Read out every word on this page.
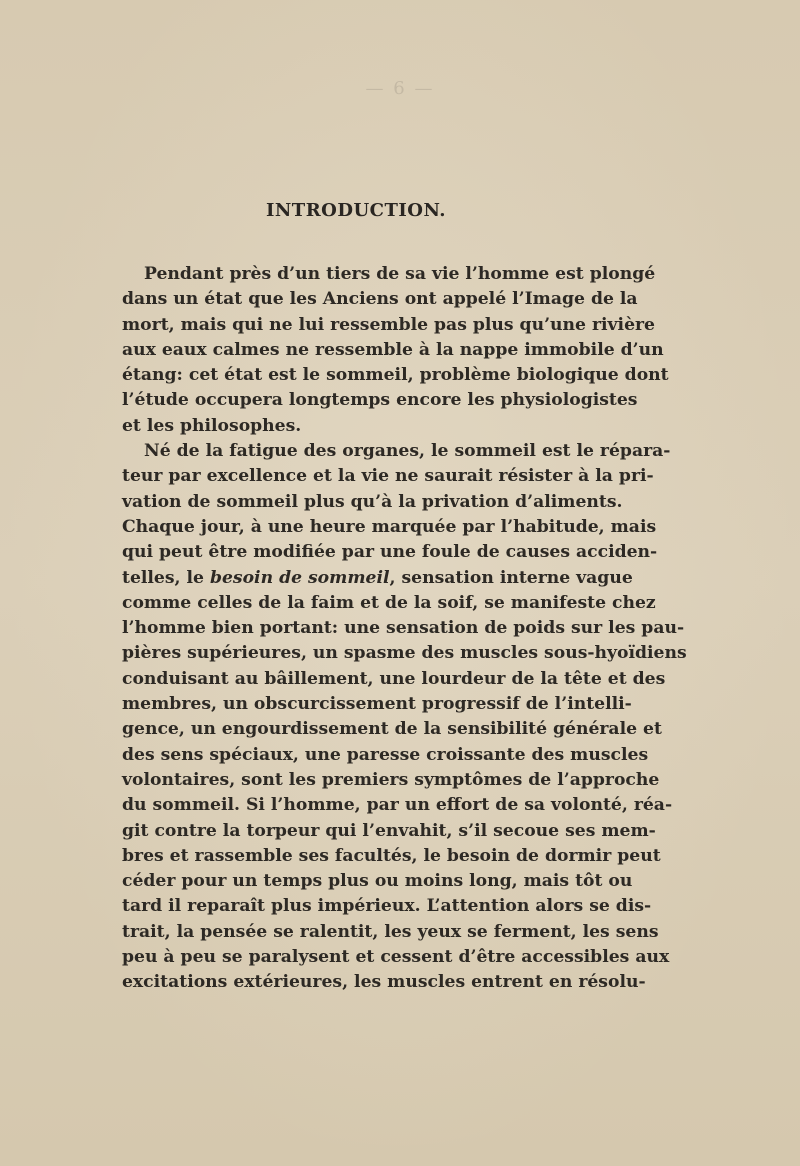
— 6 —
INTRODUCTION.
Pendant près d’un tiers de sa vie l’homme est plongé
dans un état que les Anciens ont appelé l’Image de la
mort, mais qui ne lui ressemble pas plus qu’une rivière
aux eaux calmes ne ressemble à la nappe immobile d’un
étang: cet état est le sommeil, problème biologique dont
l’étude occupera longtemps encore les physiologistes
et les philosophes.
Né de la fatigue des organes, le sommeil est le répara-
teur par excellence et la vie ne saurait résister à la pri-
vation de sommeil plus qu’à la privation d’aliments.
Chaque jour, à une heure marquée par l’habitude, mais
qui peut être modifiée par une foule de causes acciden-
telles, le besoin de sommeil, sensation interne vague
comme celles de la faim et de la soif, se manifeste chez
l’homme bien portant: une sensation de poids sur les pau-
pières supérieures, un spasme des muscles sous-hyoïdiens
conduisant au bâillement, une lourdeur de la tête et des
membres, un obscurcissement progressif de l’intelli-
gence, un engourdissement de la sensibilité générale et
des sens spéciaux, une paresse croissante des muscles
volontaires, sont les premiers symptômes de l’approche
du sommeil. Si l’homme, par un effort de sa volonté, réa-
git contre la torpeur qui l’envahit, s’il secoue ses mem-
bres et rassemble ses facultés, le besoin de dormir peut
céder pour un temps plus ou moins long, mais tôt ou
tard il reparaît plus impérieux. L’attention alors se dis-
trait, la pensée se ralentit, les yeux se ferment, les sens
peu à peu se paralysent et cessent d’être accessibles aux
excitations extérieures, les muscles entrent en résolu-
